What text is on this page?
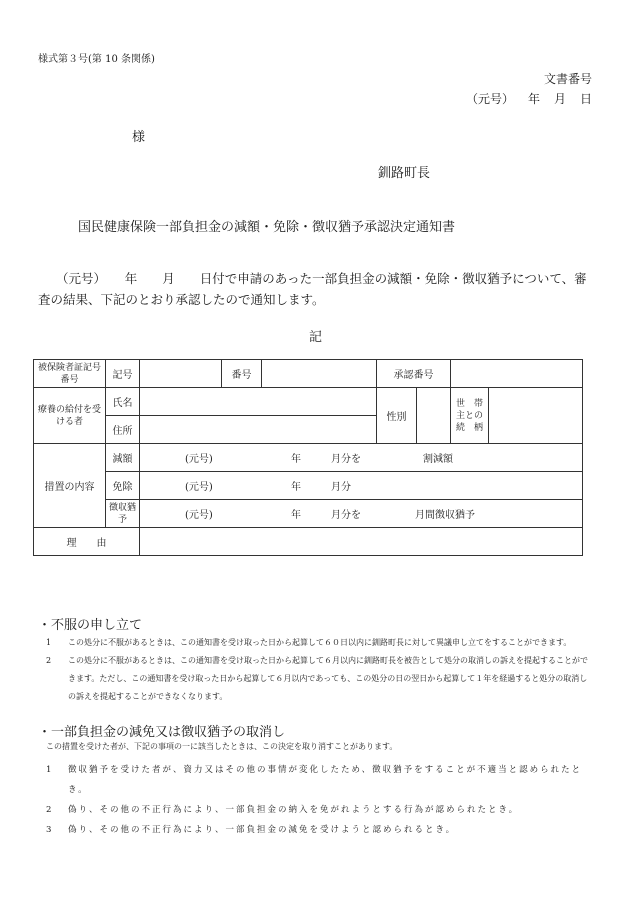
様式第３号(第 10 条関係)
文書番号
（元号） 年 月 日
様
釧路町長
国民健康保険一部負担金の減額・免除・徴収猶予承認決定通知書
（元号）　　年　　月　　日付で申請のあった一部負担金の減額・免除・徴収猶予について、審査の結果、下記のとおり承認したので通知します。
記
被保険者証記号番号	記号		番号		承認番号			
療養の給付を受ける者	氏名				性別		世　帯主との続　柄	
	住所							
措置の内容	減額	(元号) 年 月分を 割減額						

	免除	(元号) 年 月分						

	徴収猶予	(元号) 年 月分を 月間徴収猶予						

理　　由								
・不服の申し立て
1	この処分に不服があるときは、この通知書を受け取った日から起算して６０日以内に釧路町長に対して異議申し立てをすることができます。
2	この処分に不服があるときは、この通知書を受け取った日から起算して６月以内に釧路町長を被告として処分の取消しの訴えを提起することができます。ただし、この通知書を受け取った日から起算して６月以内であっても、この処分の日の翌日から起算して１年を経過すると処分の取消しの訴えを提起することができなくなります。
・一部負担金の減免又は徴収猶予の取消し
この措置を受けた者が、下記の事項の一に該当したときは、この決定を取り消すことがあります。
1	徴収猶予を受けた者が、資力又はその他の事情が変化したため、徴収猶予をすることが不適当と認められたとき。
2	偽り、その他の不正行為により、一部負担金の納入を免がれようとする行為が認められたとき。
3	偽り、その他の不正行為により、一部負担金の減免を受けようと認められるとき。
